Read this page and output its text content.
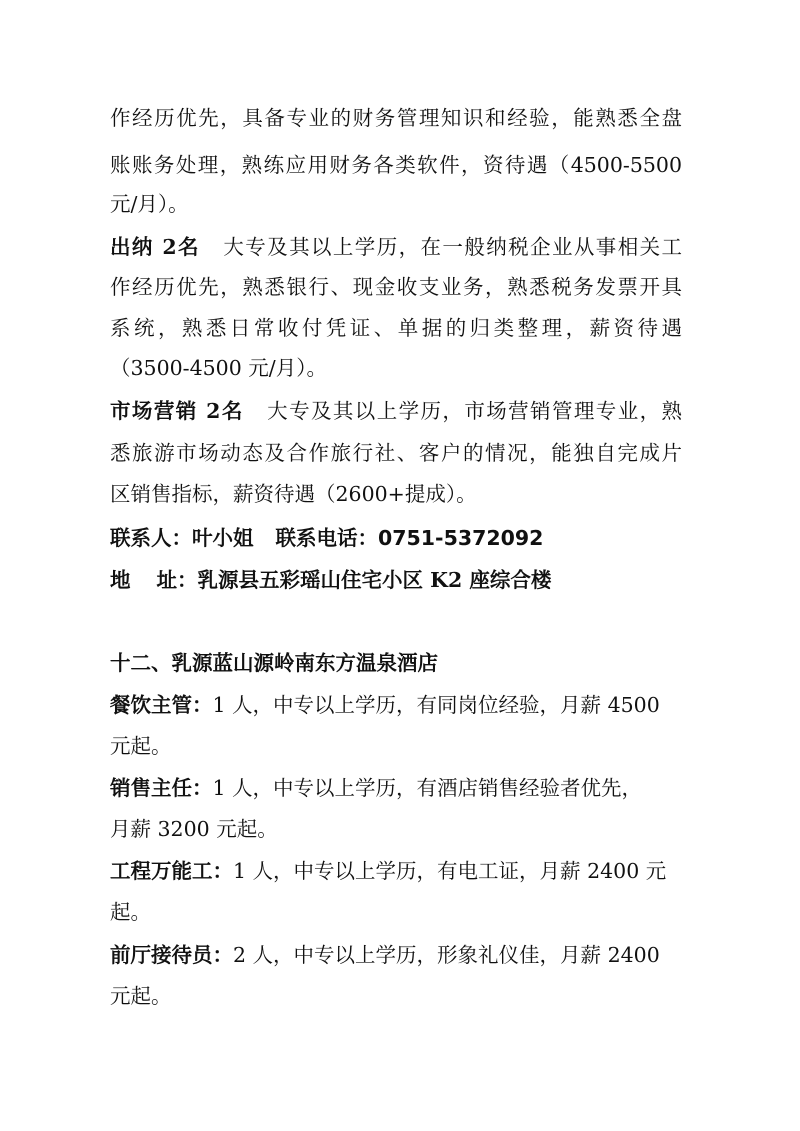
作经历优先，具备专业的财务管理知识和经验，能熟悉全盘
账账务处理，熟练应用财务各类软件，资待遇（4500-5500
元/月）。
出纳 2名 大专及其以上学历，在一般纳税企业从事相关工
作经历优先，熟悉银行、现金收支业务，熟悉税务发票开具
系统，熟悉日常收付凭证、单据的归类整理，薪资待遇
（3500-4500 元/月）。
市场营销 2名 大专及其以上学历，市场营销管理专业，熟
悉旅游市场动态及合作旅行社、客户的情况，能独自完成片
区销售指标，薪资待遇（2600+提成）。
联系人：叶小姐 联系电话：0751-5372092
地 址：乳源县五彩瑶山住宅小区 K2 座综合楼
十二、乳源蓝山源岭南东方温泉酒店
餐饮主管：1 人，中专以上学历，有同岗位经验，月薪 4500
元起。
销售主任：1 人，中专以上学历，有酒店销售经验者优先，
月薪 3200 元起。
工程万能工：1 人，中专以上学历，有电工证，月薪 2400 元
起。
前厅接待员：2 人，中专以上学历，形象礼仪佳，月薪 2400
元起。
